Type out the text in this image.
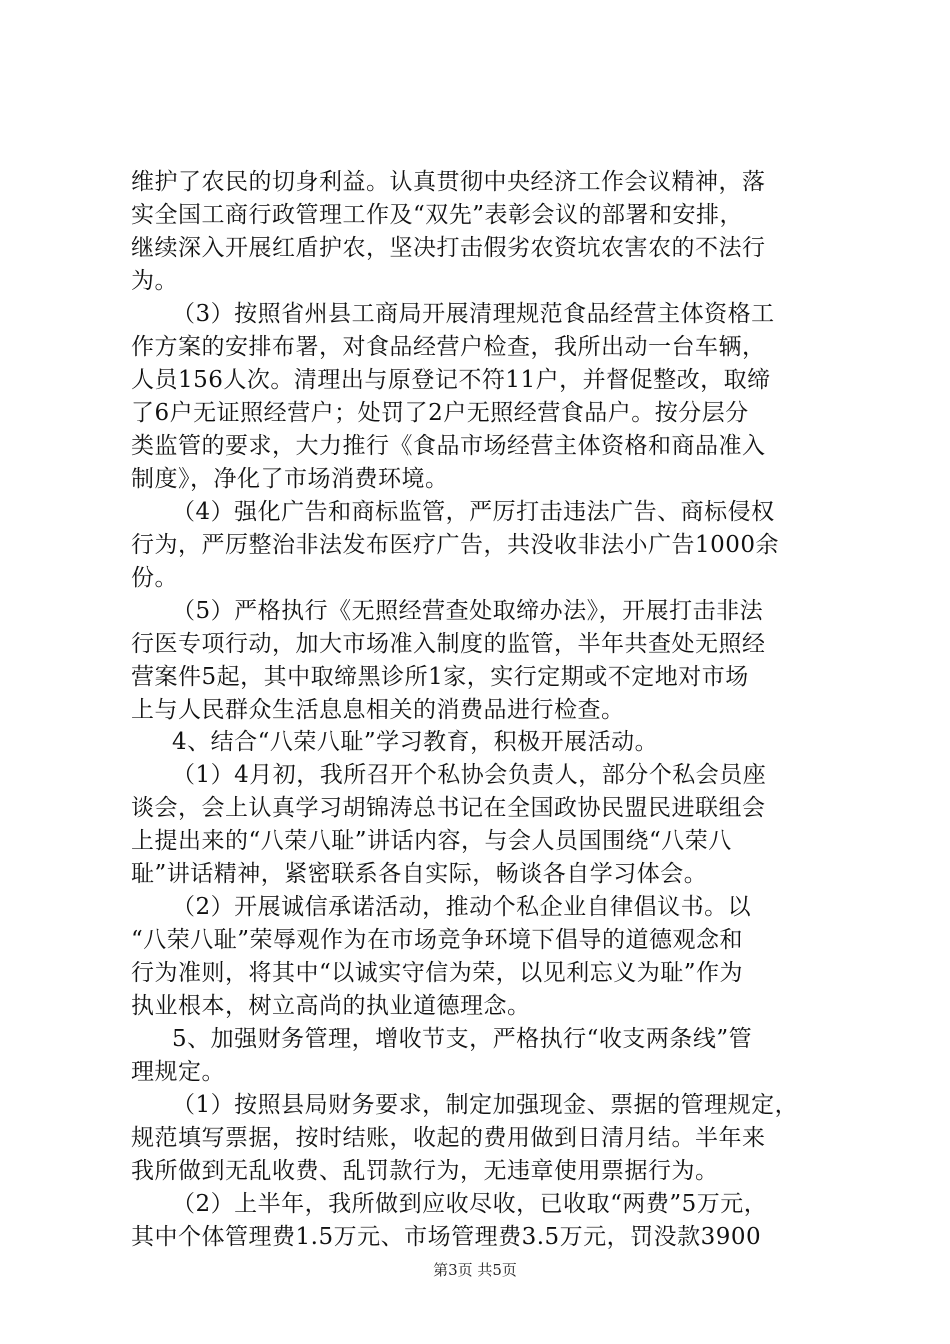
维护了农民的切身利益。认真贯彻中央经济工作会议精神，落
实全国工商行政管理工作及“双先”表彰会议的部署和安排，
继续深入开展红盾护农，坚决打击假劣农资坑农害农的不法行
为。
（3）按照省州县工商局开展清理规范食品经营主体资格工
作方案的安排布署，对食品经营户检查，我所出动一台车辆，
人员156人次。清理出与原登记不符11户，并督促整改，取缔
了6户无证照经营户；处罚了2户无照经营食品户。按分层分
类监管的要求，大力推行《食品市场经营主体资格和商品准入
制度》，净化了市场消费环境。
（4）强化广告和商标监管，严厉打击违法广告、商标侵权
行为，严厉整治非法发布医疗广告，共没收非法小广告1000余
份。
（5）严格执行《无照经营查处取缔办法》，开展打击非法
行医专项行动，加大市场准入制度的监管，半年共查处无照经
营案件5起，其中取缔黑诊所1家，实行定期或不定地对市场
上与人民群众生活息息相关的消费品进行检查。
4、结合“八荣八耻”学习教育，积极开展活动。
（1）4月初，我所召开个私协会负责人，部分个私会员座
谈会，会上认真学习胡锦涛总书记在全国政协民盟民进联组会
上提出来的“八荣八耻”讲话内容，与会人员国围绕“八荣八
耻”讲话精神，紧密联系各自实际，畅谈各自学习体会。
（2）开展诚信承诺活动，推动个私企业自律倡议书。以
“八荣八耻”荣辱观作为在市场竞争环境下倡导的道德观念和
行为准则，将其中“以诚实守信为荣，以见利忘义为耻”作为
执业根本，树立高尚的执业道德理念。
5、加强财务管理，增收节支，严格执行“收支两条线”管
理规定。
（1）按照县局财务要求，制定加强现金、票据的管理规定，
规范填写票据，按时结账，收起的费用做到日清月结。半年来
我所做到无乱收费、乱罚款行为，无违章使用票据行为。
（2）上半年，我所做到应收尽收，已收取“两费”5万元，
其中个体管理费1.5万元、市场管理费3.5万元，罚没款3900
第3页 共5页
